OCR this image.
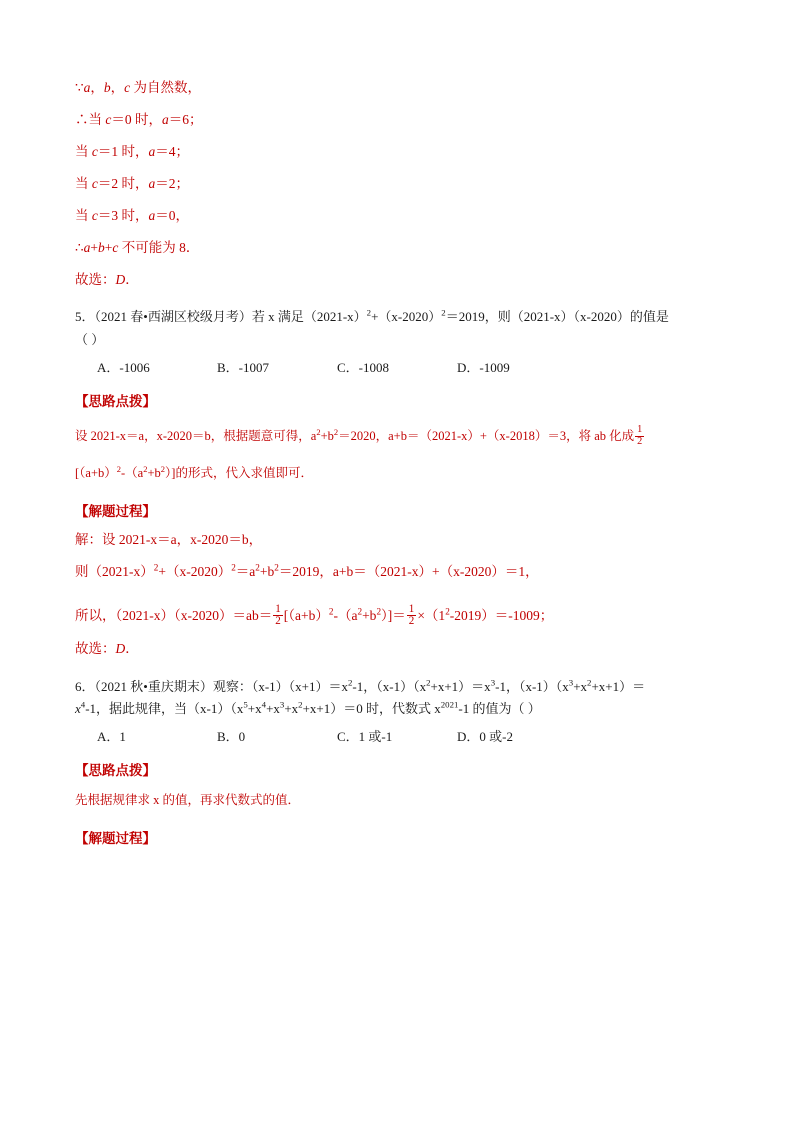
∵a，b，c 为自然数，

∴当 c＝0 时，a＝6；

当 c＝1 时，a＝4；

当 c＝2 时，a＝2；

当 c＝3 时，a＝0，

∴a+b+c 不可能为 8．

故选：D．

5．（2021 春•西湖区校级月考）若 x 满足$(2021-x)^2+(x-2020)^2=2019$，则（2021-x）（x-2020）的值是
（ ）

A．-1006	B．-1007	C．-1008	D．-1009

【思路点拨】

设 2021-x＝a，x-2020＝b，根据题意可得，$a^2+b^2=2020$，a+b＝（2021-x）+（x-2018）＝3，将 ab 化成 $\frac{1}{2}$

$[(a+b)^2-(a^2+b^2)]$的形式，代入求值即可．

【解题过程】

解：设 2021-x＝a，x-2020＝b，

则$(2021-x)^2+(x-2020)^2=a^2+b^2=2019$，a+b＝（2021-x）+（x-2020）＝1，

所以，$(2021-x)(x-2020)=ab= \frac{1}{2} [(a+b)^2-(a^2+b^2)]= \frac{1}{2} \times(1^2-2019)=-1009$；

故选：D．

6．（2021 秋•重庆期末）观察：$(x-1)(x+1)=x^2-1$，$(x-1)(x^2+x+1)=x^3-1$，$(x-1)(x^3+x^2+x+1)=$
$x^4-1$，据此规律，当$(x-1)(x^5+x^4+x^3+x^2+x+1)=0$ 时，代数式 $x^{2021}-1$ 的值为（ ）

A．1	B．0	C．1 或-1	D．0 或-2

【思路点拨】

先根据规律求 x 的值，再求代数式的值．

【解题过程】
